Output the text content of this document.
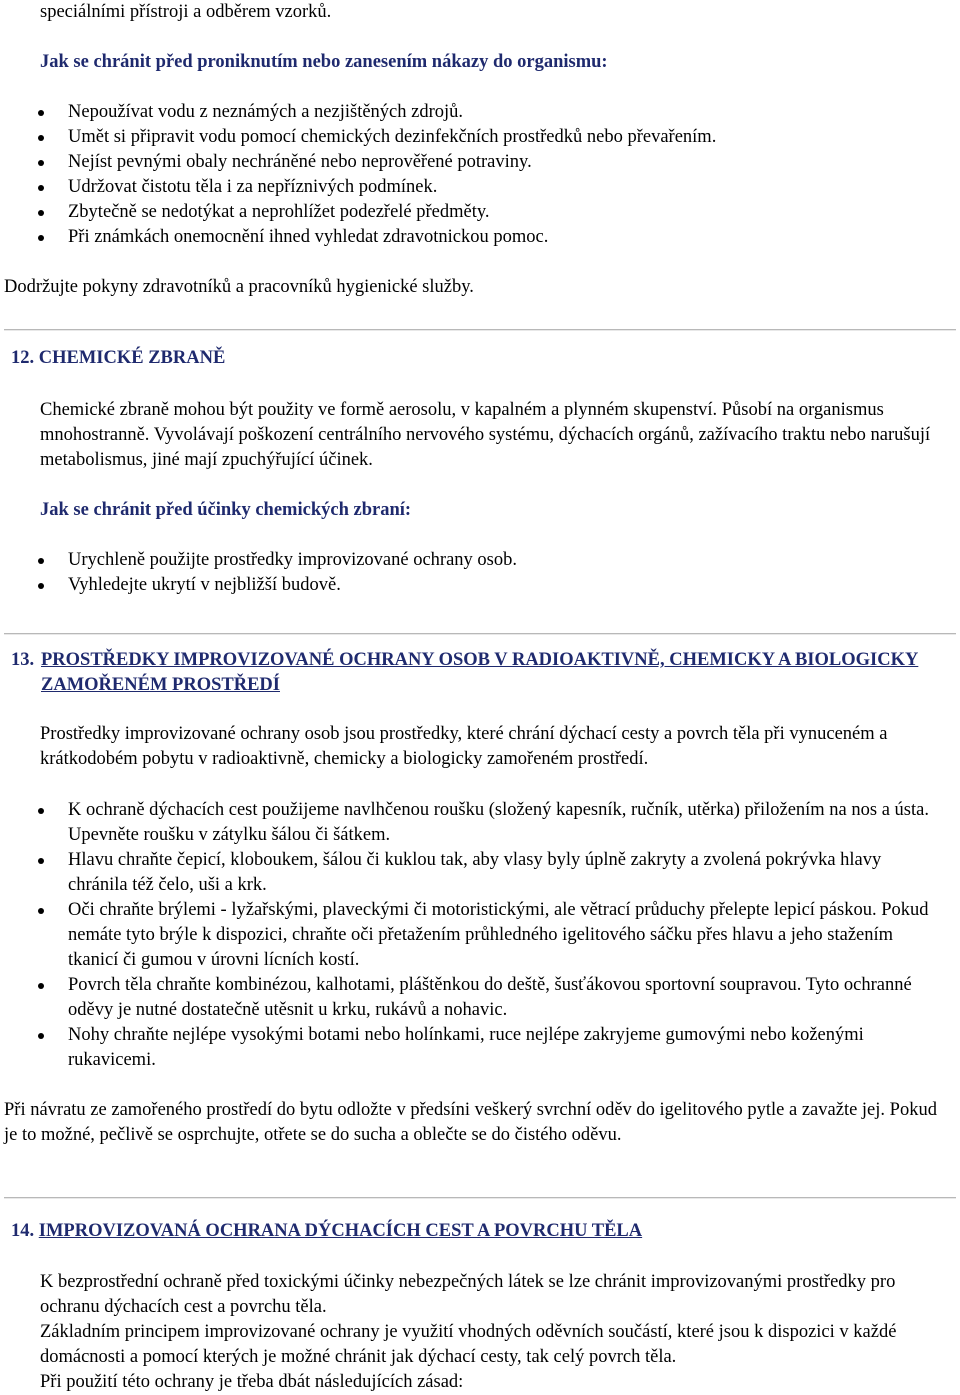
speciálními přístroji a odběrem vzorků.

Jak se chránit před proniknutím nebo zanesením nákazy do organismu:

Nepoužívat vodu z neznámých a nezjištěných zdrojů.
Umět si připravit vodu pomocí chemických dezinfekčních prostředků nebo převařením.
Nejíst pevnými obaly nechráněné nebo neprověřené potraviny.
Udržovat čistotu těla i za nepříznivých podmínek.
Zbytečně se nedotýkat a neprohlížet podezřelé předměty.
Při známkách onemocnění ihned vyhledat zdravotnickou pomoc.

Dodržujte pokyny zdravotníků a pracovníků hygienické služby.

12. CHEMICKÉ ZBRANĚ

Chemické zbraně mohou být použity ve formě aerosolu, v kapalném a plynném skupenství. Působí na organismus mnohostranně. Vyvolávají poškození centrálního nervového systému, dýchacích orgánů, zažívacího traktu nebo narušují metabolismus, jiné mají zpuchýřující účinek.

Jak se chránit před účinky chemických zbraní:

Urychleně použijte prostředky improvizované ochrany osob.
Vyhledejte ukrytí v nejbližší budově.
13. PROSTŘEDKY IMPROVIZOVANÉ OCHRANY OSOB V RADIOAKTIVNĚ, CHEMICKY A BIOLOGICKY ZAMOŘENÉM PROSTŘEDÍ

Prostředky improvizované ochrany osob jsou prostředky, které chrání dýchací cesty a povrch těla při vynuceném a krátkodobém pobytu v radioaktivně, chemicky a biologicky zamořeném prostředí.

K ochraně dýchacích cest použijeme navlhčenou roušku (složený kapesník, ručník, utěrka) přiložením na nos a ústa. Upevněte roušku v zátylku šálou či šátkem.
Hlavu chraňte čepicí, kloboukem, šálou či kuklou tak, aby vlasy byly úplně zakryty a zvolená pokrývka hlavy chránila též čelo, uši a krk.
Oči chraňte brýlemi - lyžařskými, plaveckými či motoristickými, ale větrací průduchy přelepte lepicí páskou. Pokud nemáte tyto brýle k dispozici, chraňte oči přetažením průhledného igelitového sáčku přes hlavu a jeho stažením tkanicí či gumou v úrovni lícních kostí.
Povrch těla chraňte kombinézou, kalhotami, pláštěnkou do deště, šusťákovou sportovní soupravou. Tyto ochranné oděvy je nutné dostatečně utěsnit u krku, rukávů a nohavic.
Nohy chraňte nejlépe vysokými botami nebo holínkami, ruce nejlépe zakryjeme gumovými nebo koženými rukavicemi.

Při návratu ze zamořeného prostředí do bytu odložte v předsíni veškerý svrchní oděv do igelitového pytle a zavažte jej. Pokud je to možné, pečlivě se osprchujte, otřete se do sucha a oblečte se do čistého oděvu.

14. IMPROVIZOVANÁ OCHRANA DÝCHACÍCH CEST A POVRCHU TĚLA

K bezprostřední ochraně před toxickými účinky nebezpečných látek se lze chránit improvizovanými prostředky pro ochranu dýchacích cest a povrchu těla.

Základním principem improvizované ochrany je využití vhodných oděvních součástí, které jsou k dispozici v každé domácnosti a pomocí kterých je možné chránit jak dýchací cesty, tak celý povrch těla.

Při použití této ochrany je třeba dbát následujících zásad:
